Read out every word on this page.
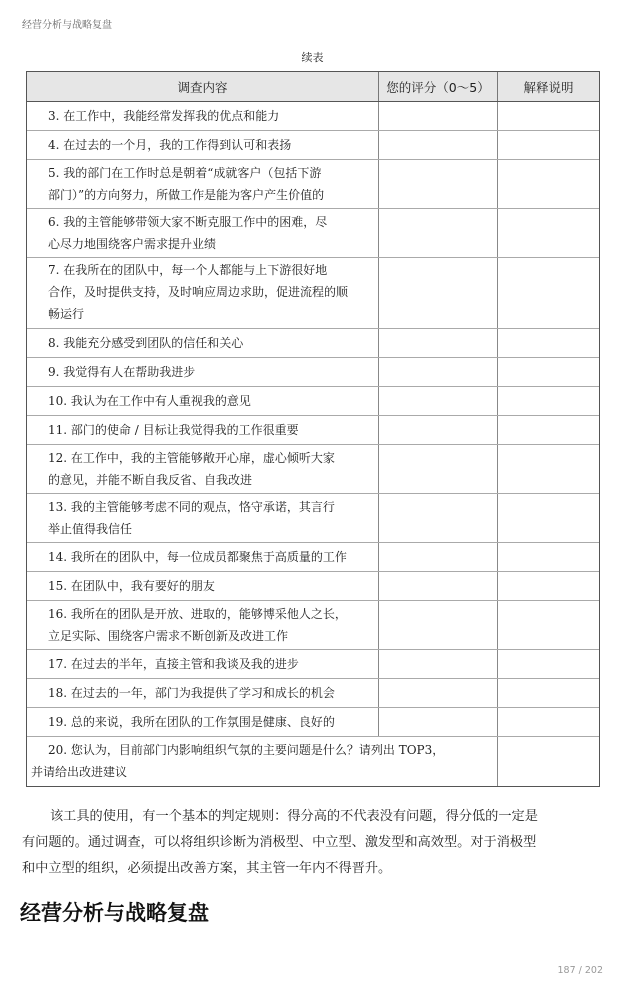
经营分析与战略复盘
续表
调查内容	您的评分（0～5）	解释说明
3. 在工作中，我能经常发挥我的优点和能力
4. 在过去的一个月，我的工作得到认可和表扬
5. 我的部门在工作时总是朝着“成就客户（包括下游
部门）”的方向努力，所做工作是能为客户产生价值的
6. 我的主管能够带领大家不断克服工作中的困难，尽
心尽力地围绕客户需求提升业绩
7. 在我所在的团队中，每一个人都能与上下游很好地
合作，及时提供支持，及时响应周边求助，促进流程的顺
畅运行
8. 我能充分感受到团队的信任和关心
9. 我觉得有人在帮助我进步
10. 我认为在工作中有人重视我的意见
11. 部门的使命 / 目标让我觉得我的工作很重要
12. 在工作中，我的主管能够敞开心扉，虚心倾听大家
的意见，并能不断自我反省、自我改进
13. 我的主管能够考虑不同的观点，恪守承诺，其言行
举止值得我信任
14. 我所在的团队中，每一位成员都聚焦于高质量的工作
15. 在团队中，我有要好的朋友
16. 我所在的团队是开放、进取的，能够博采他人之长，
立足实际、围绕客户需求不断创新及改进工作
17. 在过去的半年，直接主管和我谈及我的进步
18. 在过去的一年，部门为我提供了学习和成长的机会
19. 总的来说，我所在团队的工作氛围是健康、良好的
20. 您认为，目前部门内影响组织气氛的主要问题是什么？请列出 TOP3，
并请给出改进建议

该工具的使用，有一个基本的判定规则：得分高的不代表没有问题，得分低的一定是
有问题的。通过调查，可以将组织诊断为消极型、中立型、激发型和高效型。对于消极型
和中立型的组织，必须提出改善方案，其主管一年内不得晋升。

经营分析与战略复盘
187 / 202
